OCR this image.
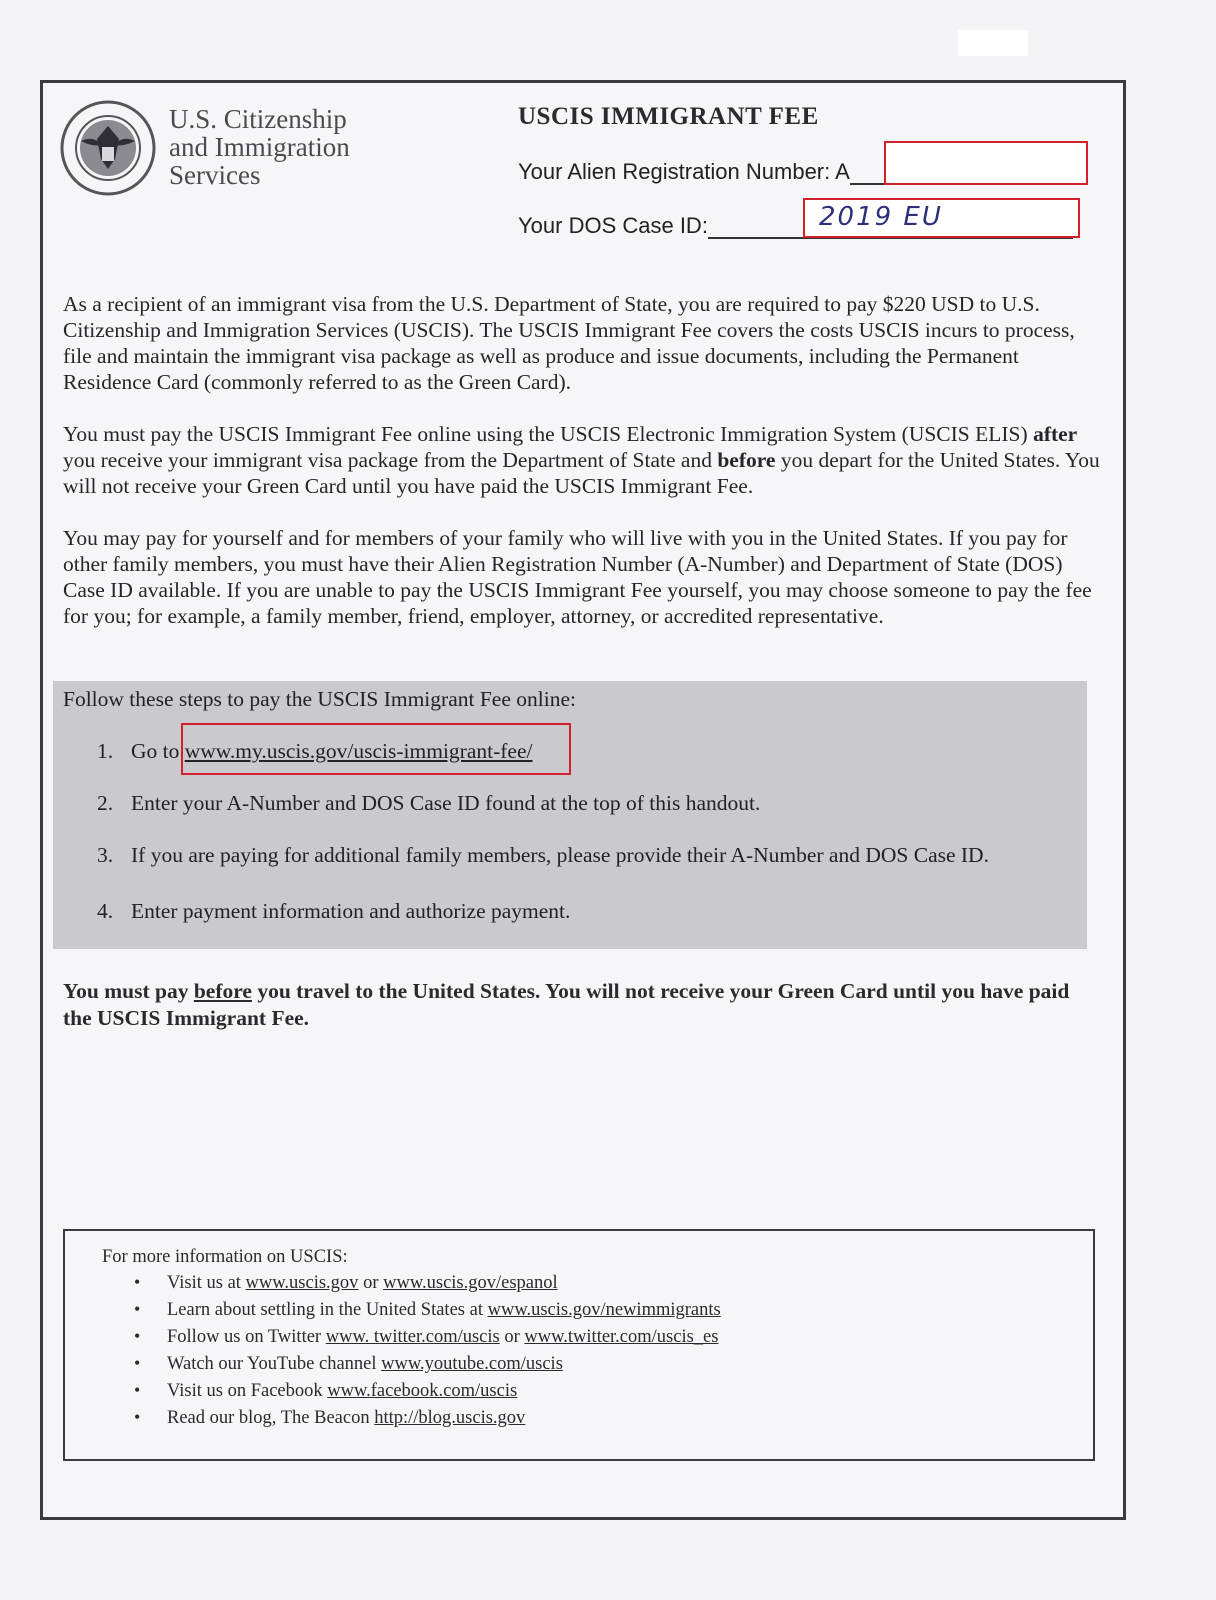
U.S. Citizenship
and Immigration
Services
USCIS IMMIGRANT FEE
Your Alien Registration Number: A
Your DOS Case ID:	2019 EU
As a recipient of an immigrant visa from the U.S. Department of State, you are required to pay $220 USD to U.S. Citizenship and Immigration Services (USCIS). The USCIS Immigrant Fee covers the costs USCIS incurs to process, file and maintain the immigrant visa package as well as produce and issue documents, including the Permanent Residence Card (commonly referred to as the Green Card).
You must pay the USCIS Immigrant Fee online using the USCIS Electronic Immigration System (USCIS ELIS) after you receive your immigrant visa package from the Department of State and before you depart for the United States. You will not receive your Green Card until you have paid the USCIS Immigrant Fee.
You may pay for yourself and for members of your family who will live with you in the United States. If you pay for other family members, you must have their Alien Registration Number (A-Number) and Department of State (DOS) Case ID available. If you are unable to pay the USCIS Immigrant Fee yourself, you may choose someone to pay the fee for you; for example, a family member, friend, employer, attorney, or accredited representative.
Follow these steps to pay the USCIS Immigrant Fee online:
1. Go to www.my.uscis.gov/uscis-immigrant-fee/
2. Enter your A-Number and DOS Case ID found at the top of this handout.
3. If you are paying for additional family members, please provide their A-Number and DOS Case ID.
4. Enter payment information and authorize payment.
You must pay before you travel to the United States. You will not receive your Green Card until you have paid the USCIS Immigrant Fee.
For more information on USCIS:
• Visit us at www.uscis.gov or www.uscis.gov/espanol
• Learn about settling in the United States at www.uscis.gov/newimmigrants
• Follow us on Twitter www. twitter.com/uscis or www.twitter.com/uscis_es
• Watch our YouTube channel www.youtube.com/uscis
• Visit us on Facebook www.facebook.com/uscis
• Read our blog, The Beacon http://blog.uscis.gov
